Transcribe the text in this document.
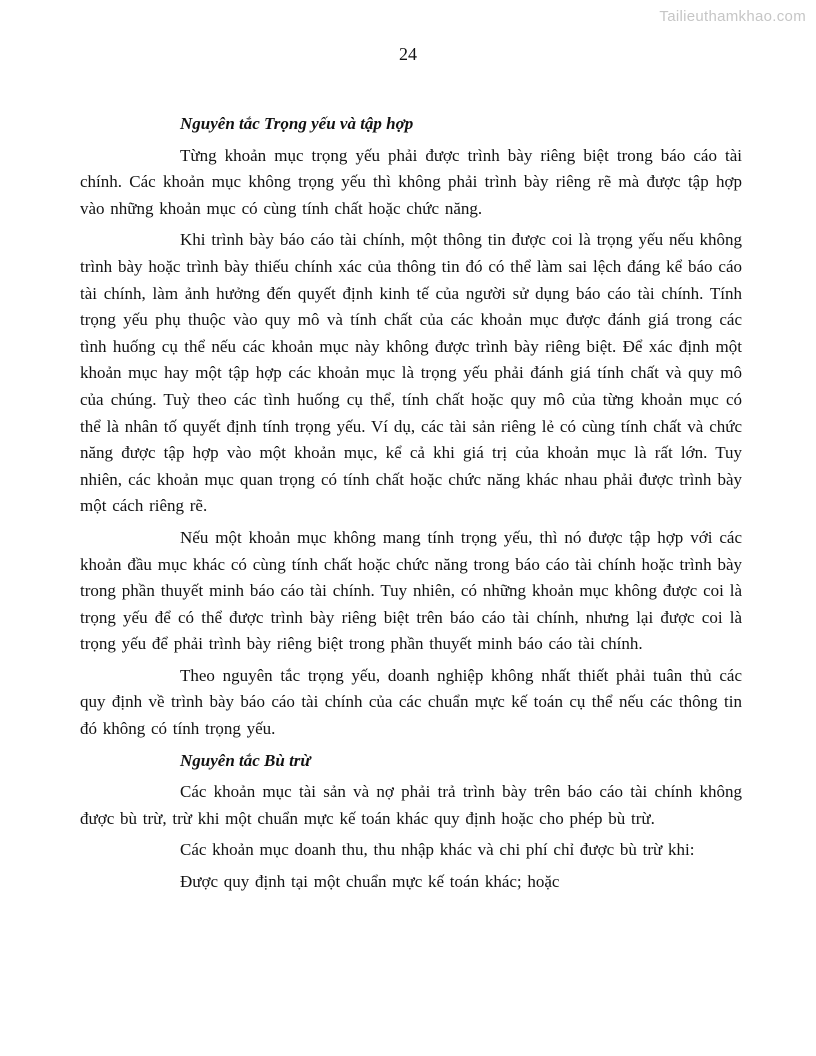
Tailieuthamkhao.com
24
Nguyên tắc Trọng yếu và tập hợp

Từng khoản mục trọng yếu phải được trình bày riêng biệt trong báo cáo tài chính. Các khoản mục không trọng yếu thì không phải trình bày riêng rẽ mà được tập hợp vào những khoản mục có cùng tính chất hoặc chức năng.

Khi trình bày báo cáo tài chính, một thông tin được coi là trọng yếu nếu không trình bày hoặc trình bày thiếu chính xác của thông tin đó có thể làm sai lệch đáng kể báo cáo tài chính, làm ảnh hưởng đến quyết định kinh tế của người sử dụng báo cáo tài chính. Tính trọng yếu phụ thuộc vào quy mô và tính chất của các khoản mục được đánh giá trong các tình huống cụ thể nếu các khoản mục này không được trình bày riêng biệt. Để xác định một khoản mục hay một tập hợp các khoản mục là trọng yếu phải đánh giá tính chất và quy mô của chúng. Tuỳ theo các tình huống cụ thể, tính chất hoặc quy mô của từng khoản mục có thể là nhân tố quyết định tính trọng yếu. Ví dụ, các tài sản riêng lẻ có cùng tính chất và chức năng được tập hợp vào một khoản mục, kể cả khi giá trị của khoản mục là rất lớn. Tuy nhiên, các khoản mục quan trọng có tính chất hoặc chức năng khác nhau phải được trình bày một cách riêng rẽ.

Nếu một khoản mục không mang tính trọng yếu, thì nó được tập hợp với các khoản đầu mục khác có cùng tính chất hoặc chức năng trong báo cáo tài chính hoặc trình bày trong phần thuyết minh báo cáo tài chính. Tuy nhiên, có những khoản mục không được coi là trọng yếu để có thể được trình bày riêng biệt trên báo cáo tài chính, nhưng lại được coi là trọng yếu để phải trình bày riêng biệt trong phần thuyết minh báo cáo tài chính.

Theo nguyên tắc trọng yếu, doanh nghiệp không nhất thiết phải tuân thủ các quy định về trình bày báo cáo tài chính của các chuẩn mực kế toán cụ thể nếu các thông tin đó không có tính trọng yếu.

Nguyên tắc Bù trừ

Các khoản mục tài sản và nợ phải trả trình bày trên báo cáo tài chính không được bù trừ, trừ khi một chuẩn mực kế toán khác quy định hoặc cho phép bù trừ.

Các khoản mục doanh thu, thu nhập khác và chi phí chỉ được bù trừ khi:

Được quy định tại một chuẩn mực kế toán khác; hoặc
